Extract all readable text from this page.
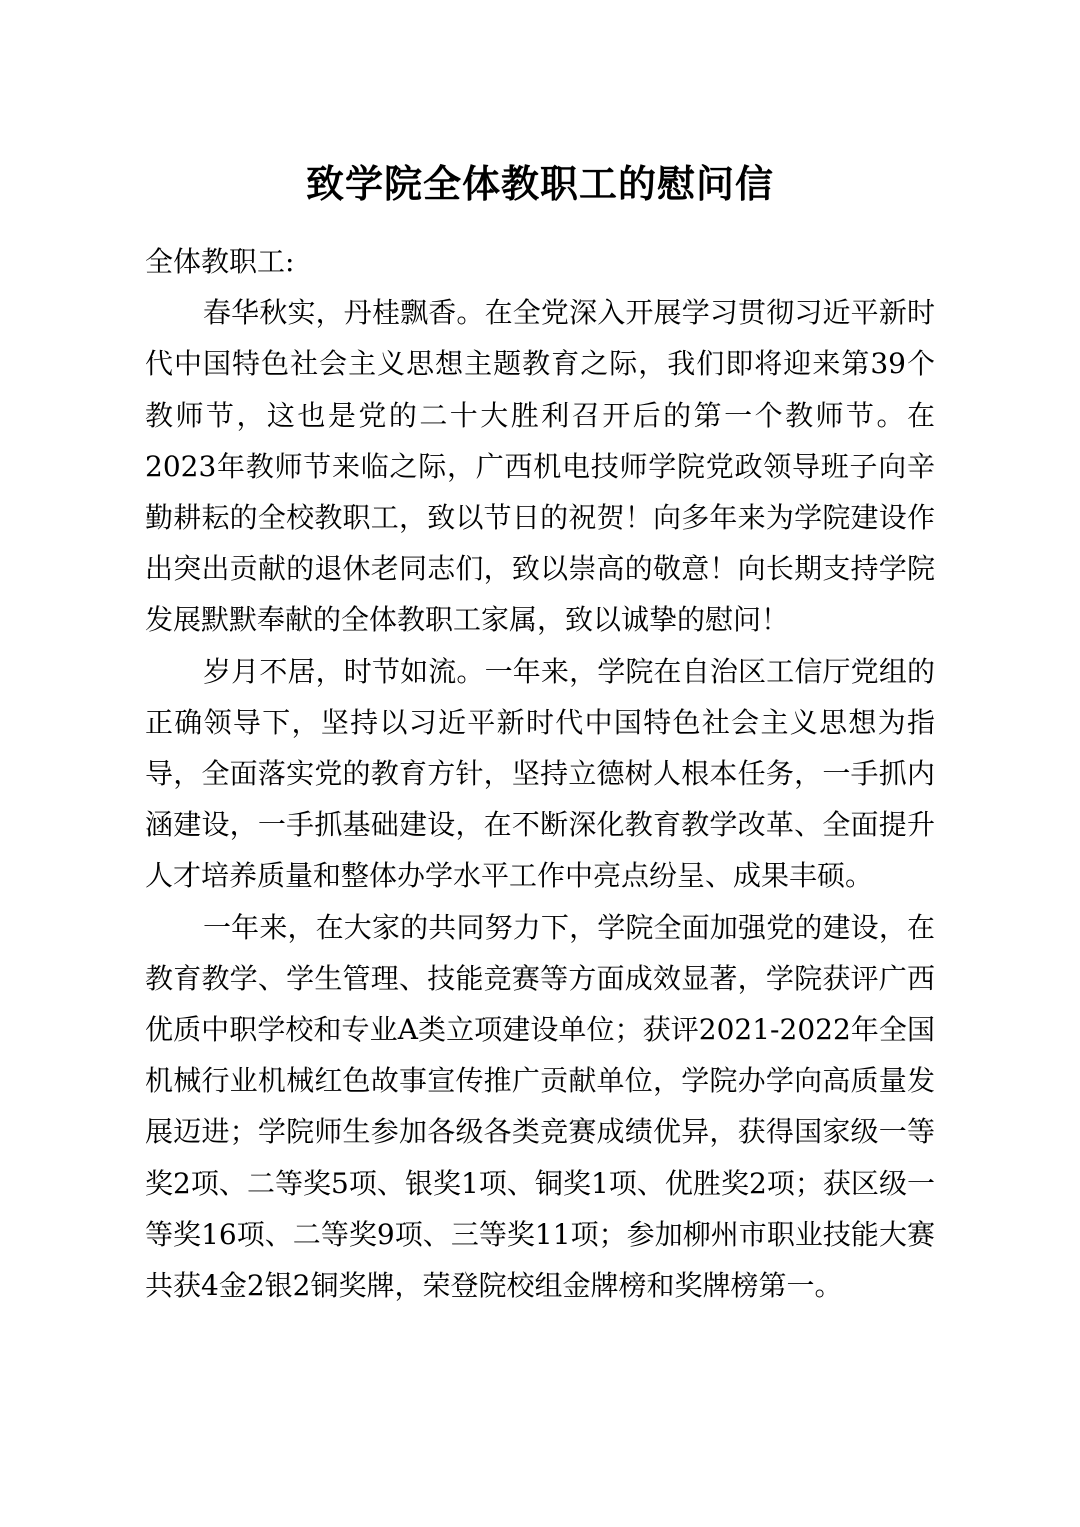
致学院全体教职工的慰问信

全体教职工:

春华秋实，丹桂飘香。在全党深入开展学习贯彻习近平新时代中国特色社会主义思想主题教育之际，我们即将迎来第39个教师节，这也是党的二十大胜利召开后的第一个教师节。在2023年教师节来临之际，广西机电技师学院党政领导班子向辛勤耕耘的全校教职工，致以节日的祝贺！向多年来为学院建设作出突出贡献的退休老同志们，致以崇高的敬意！向长期支持学院发展默默奉献的全体教职工家属，致以诚挚的慰问！

岁月不居，时节如流。一年来，学院在自治区工信厅党组的正确领导下，坚持以习近平新时代中国特色社会主义思想为指导，全面落实党的教育方针，坚持立德树人根本任务，一手抓内涵建设，一手抓基础建设，在不断深化教育教学改革、全面提升人才培养质量和整体办学水平工作中亮点纷呈、成果丰硕。

一年来，在大家的共同努力下，学院全面加强党的建设，在教育教学、学生管理、技能竞赛等方面成效显著，学院获评广西优质中职学校和专业A类立项建设单位；获评2021-2022年全国机械行业机械红色故事宣传推广贡献单位，学院办学向高质量发展迈进；学院师生参加各级各类竞赛成绩优异，获得国家级一等奖2项、二等奖5项、银奖1项、铜奖1项、优胜奖2项；获区级一等奖16项、二等奖9项、三等奖11项；参加柳州市职业技能大赛共获4金2银2铜奖牌，荣登院校组金牌榜和奖牌榜第一。
